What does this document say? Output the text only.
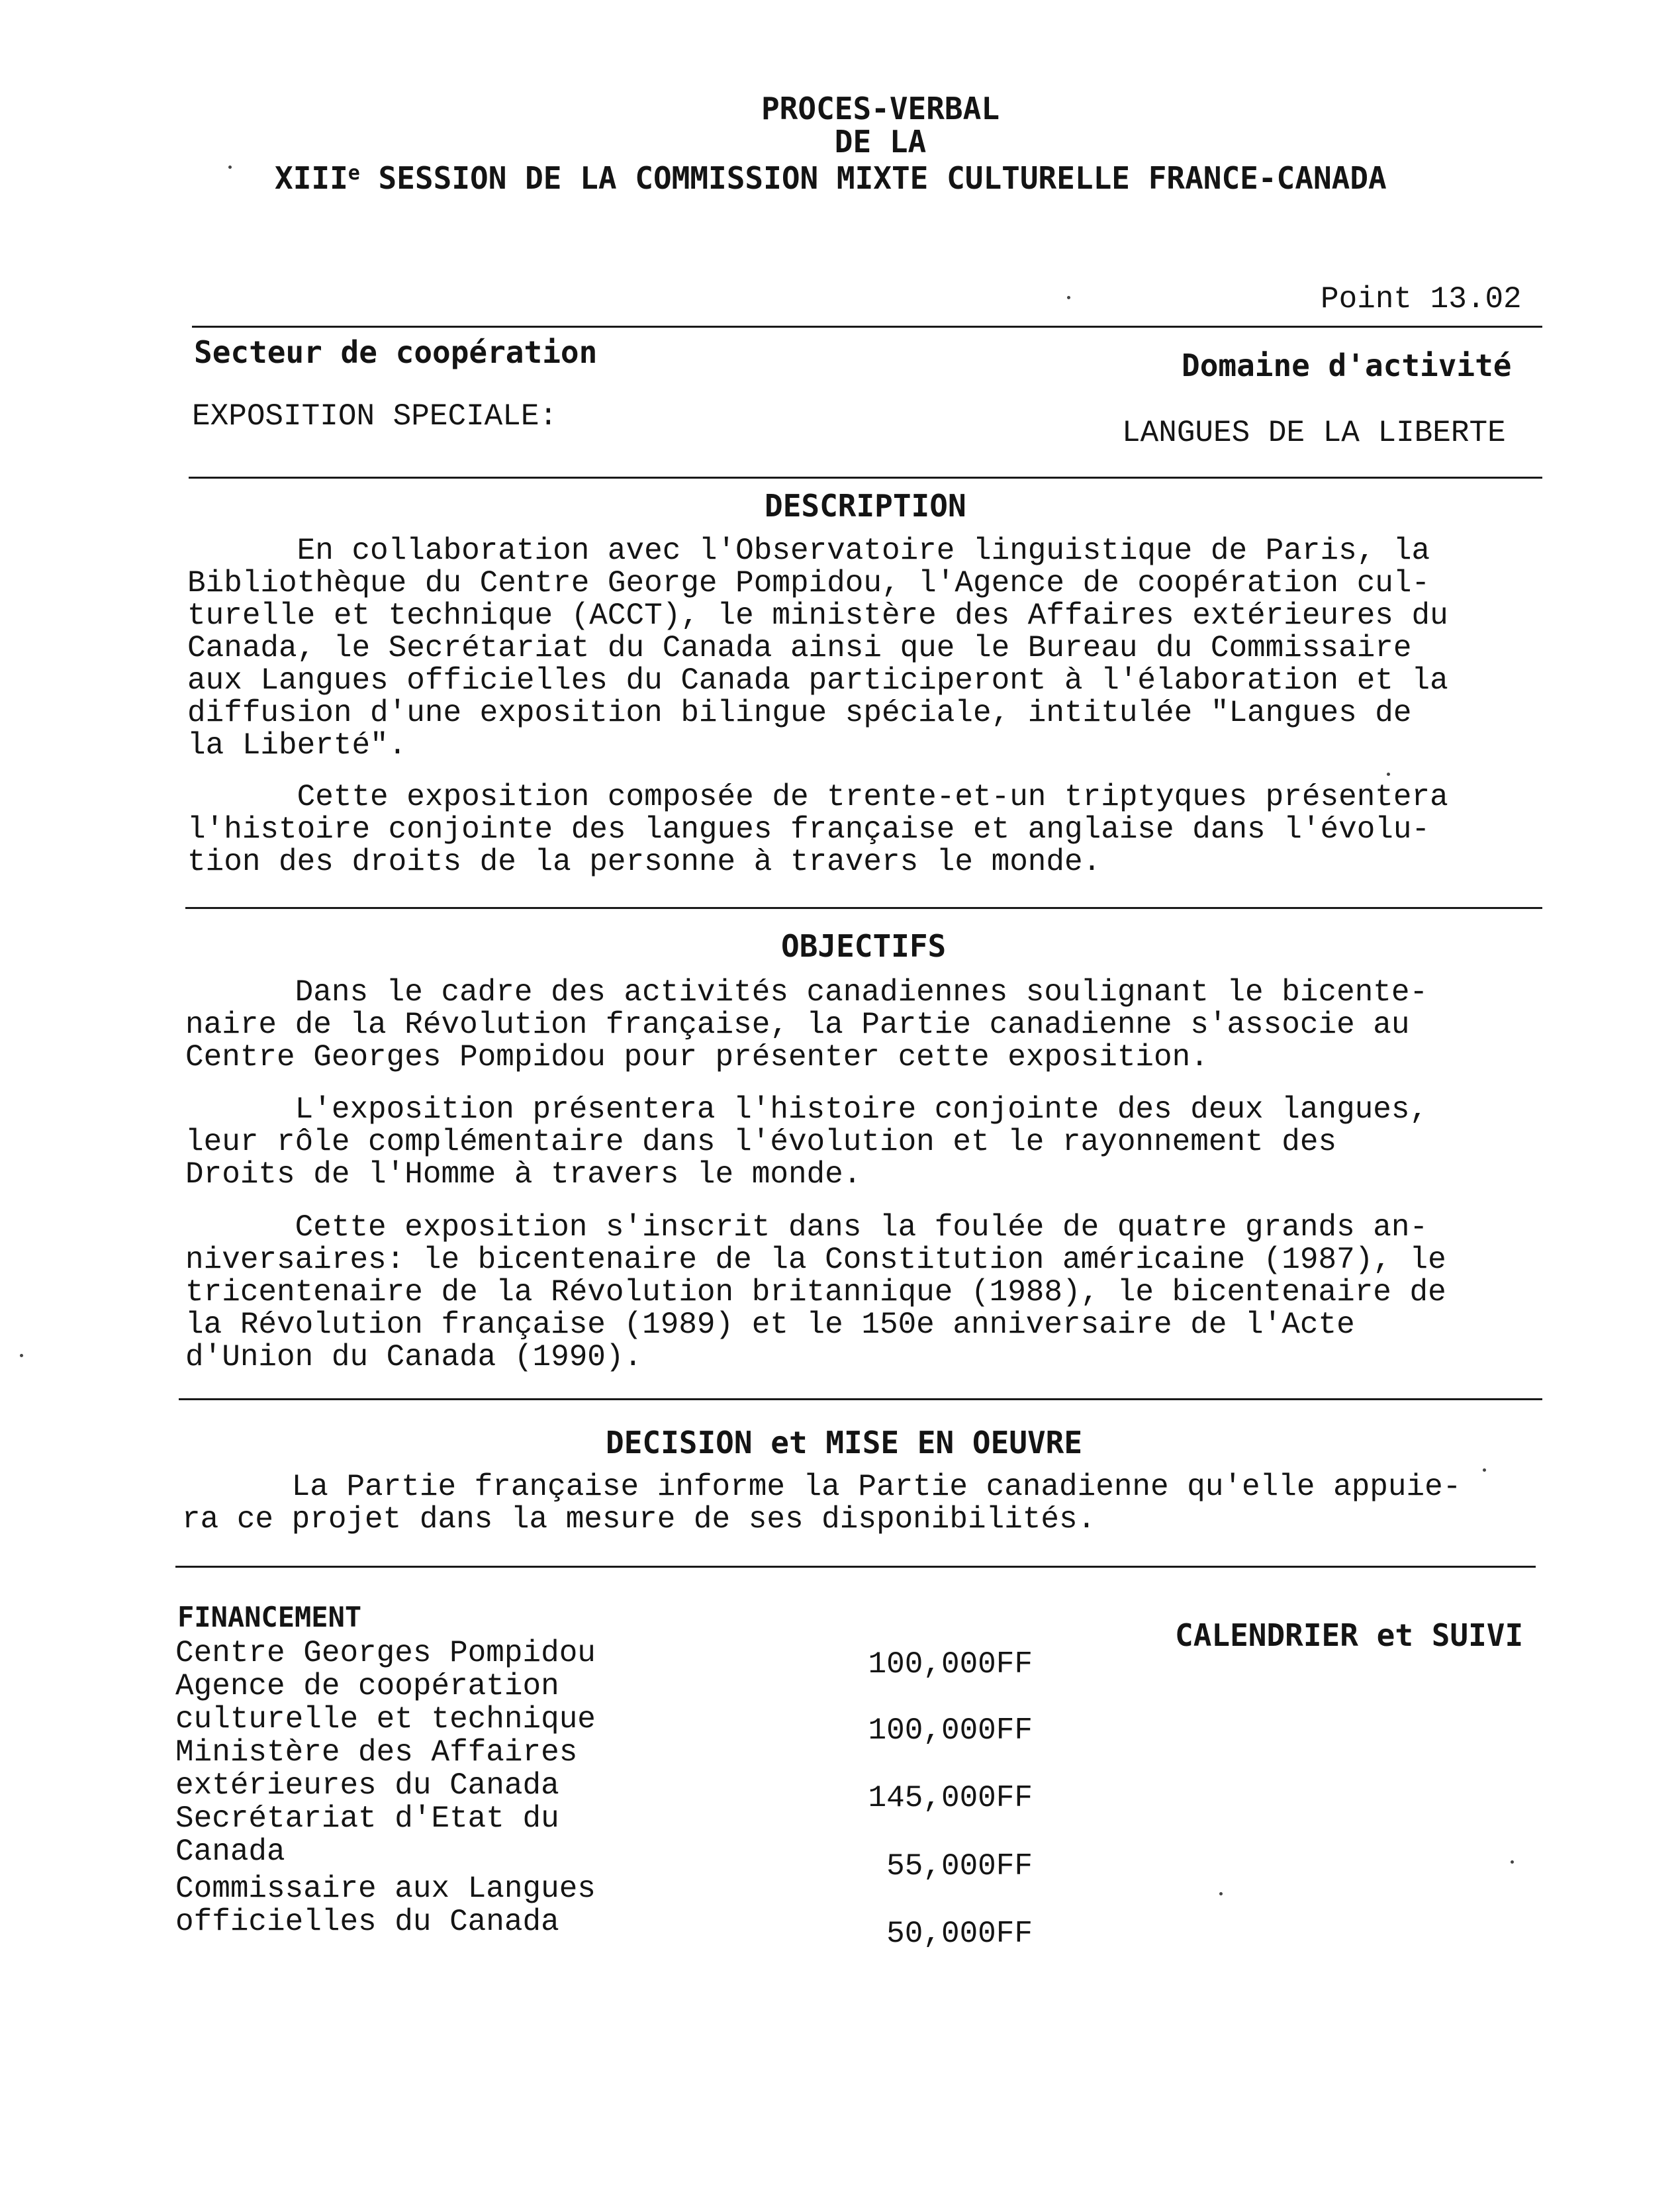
PROCES-VERBAL
DE LA
XIIIe SESSION DE LA COMMISSION MIXTE CULTURELLE FRANCE-CANADA
Point 13.02
Secteur de coopération	Domaine d'activité
EXPOSITION SPECIALE:	LANGUES DE LA LIBERTE
DESCRIPTION
En collaboration avec l'Observatoire linguistique de Paris, la
Bibliothèque du Centre George Pompidou, l'Agence de coopération cul-
turelle et technique (ACCT), le ministère des Affaires extérieures du
Canada, le Secrétariat du Canada ainsi que le Bureau du Commissaire
aux Langues officielles du Canada participeront à l'élaboration et la
diffusion d'une exposition bilingue spéciale, intitulée "Langues de
la Liberté".
Cette exposition composée de trente-et-un triptyques présentera
l'histoire conjointe des langues française et anglaise dans l'évolu-
tion des droits de la personne à travers le monde.
OBJECTIFS
Dans le cadre des activités canadiennes soulignant le bicente-
naire de la Révolution française, la Partie canadienne s'associe au
Centre Georges Pompidou pour présenter cette exposition.
L'exposition présentera l'histoire conjointe des deux langues,
leur rôle complémentaire dans l'évolution et le rayonnement des
Droits de l'Homme à travers le monde.
Cette exposition s'inscrit dans la foulée de quatre grands an-
niversaires: le bicentenaire de la Constitution américaine (1987), le
tricentenaire de la Révolution britannique (1988), le bicentenaire de
la Révolution française (1989) et le 150e anniversaire de l'Acte
d'Union du Canada (1990).
DECISION et MISE EN OEUVRE
La Partie française informe la Partie canadienne qu'elle appuie-
ra ce projet dans la mesure de ses disponibilités.
FINANCEMENT
CALENDRIER et SUIVI
Centre Georges Pompidou	100,000FF
Agence de coopération
culturelle et technique	100,000FF
Ministère des Affaires
extérieures du Canada	145,000FF
Secrétariat d'Etat du
Canada	55,000FF
Commissaire aux Langues
officielles du Canada	50,000FF
